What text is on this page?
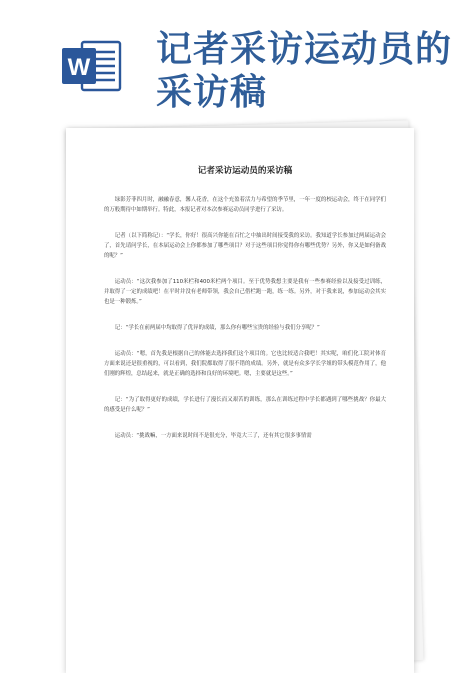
W 记者采访运动员的
采访稿
记者采访运动员的采访稿

绿影芳菲四月时，融融春意，馨人花香，在这个充盈着活力与希望的季节里，一年一度的校运动会，终于在同学们的万般期待中如期举行。特此，本报记者对本次参赛运动员同学进行了采访。

记者（以下简称记）：“学长，你好！很高兴你能在百忙之中抽出时间接受我的采访。我知道学长参加过两届运动会了，首先请问学长，在本届运动会上你都参加了哪些项目？对于这些项目你觉得你有哪些优势？另外，你又是如何备战的呢？”

运动员：“这次我参加了110米栏和400米栏两个项目。至于优势我想主要是我有一些参赛经验以及接受过训练，并取得了一定的成绩吧！在平时并没有老师带领，我会自己借栏跑一跑，练一练。另外，对于我来说，参加运动会其实也是一种锻炼。”

记：“学长在前两届中均取得了优异的成绩，那么你有哪些宝贵的经验与我们分享呢？”

运动员：“嗯，首先我是根据自己的体能去选择我们这个项目的。它也比较适合我吧！其实呢，咱们化工院对体育方面来说还是很重视的，可以看到，我们院都取得了很不错的成绩。另外，就是有众多学长学姐的带头模范作用了，他们刚的辉煌，总结起来，就是正确的选择和良好的环境吧。嗯，主要就是这些。”

记：“为了取得更好的成绩，学长进行了漫长而又艰苦的训练，那么在训练过程中学长都遇到了哪些挑战？你最大的感受是什么呢？”

运动员：“挑战嘛，一方面来说时间不是很充分，毕竟大三了，还有其它很多事情需
